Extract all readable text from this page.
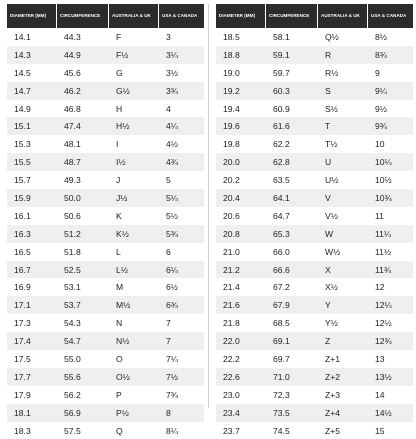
DIAMETER (MM)	CIRCUMFERENCE	AUSTRALIA & UK	USA & CANADA
14.1	44.3	F	3
14.3	44.9	F½	3¼
14.5	45.6	G	3½
14.7	46.2	G½	3¾
14.9	46.8	H	4
15.1	47.4	H½	4¼
15.3	48.1	I	4½
15.5	48.7	I½	4¾
15.7	49.3	J	5
15.9	50.0	J½	5¼
16.1	50.6	K	5½
16.3	51.2	K½	5¾
16.5	51.8	L	6
16.7	52.5	L½	6¼
16.9	53.1	M	6½
17.1	53.7	M½	6¾
17.3	54.3	N	7
17.4	54.7	N½	7
17.5	55.0	O	7¼
17.7	55.6	O½	7½
17.9	56.2	P	7¾
18.1	56.9	P½	8
18.3	57.5	Q	8¼
DIAMETER (MM)	CIRCUMFERENCE	AUSTRALIA & UK	USA & CANADA
18.5	58.1	Q½	8½
18.8	59.1	R	8¾
19.0	59.7	R½	9
19.2	60.3	S	9¼
19.4	60.9	S½	9½
19.6	61.6	T	9¾
19.8	62.2	T½	10
20.0	62.8	U	10¼
20.2	63.5	U½	10½
20.4	64.1	V	10¾
20.6	64.7	V½	11
20.8	65.3	W	11¼
21.0	66.0	W½	11½
21.2	66.6	X	11¾
21.4	67.2	X½	12
21.6	67.9	Y	12¼
21.8	68.5	Y½	12½
22.0	69.1	Z	12¾
22.2	69.7	Z+1	13
22.6	71.0	Z+2	13½
23.0	72.3	Z+3	14
23.4	73.5	Z+4	14½
23.7	74.5	Z+5	15
